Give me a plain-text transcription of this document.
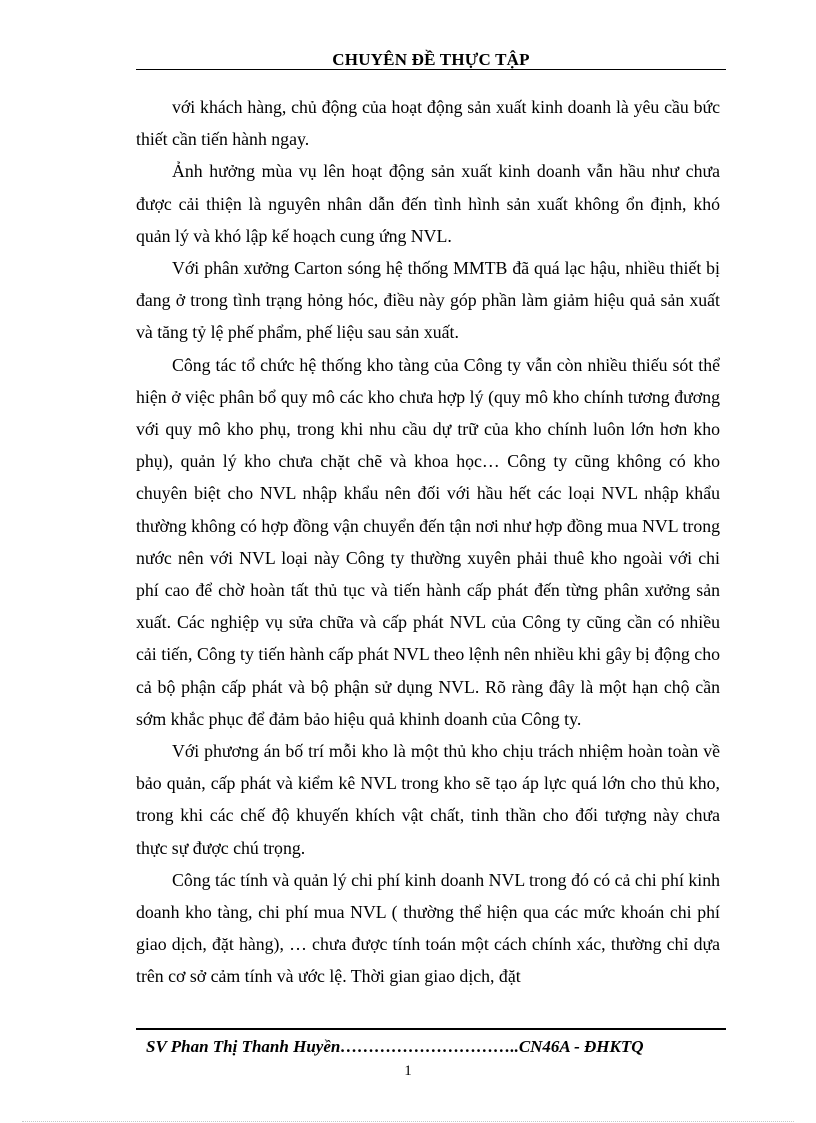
CHUYÊN ĐỀ THỰC TẬP

với khách hàng, chủ động của hoạt động sản xuất kinh doanh là yêu cầu bức thiết cần tiến hành ngay.

Ảnh hưởng mùa vụ lên hoạt động sản xuất kinh doanh vẫn hầu như chưa được cải thiện là nguyên nhân dẫn đến tình hình sản xuất không ổn định, khó quản lý và khó lập kế hoạch cung ứng NVL.

Với phân xưởng Carton sóng hệ thống MMTB đã quá lạc hậu, nhiều thiết bị đang ở trong tình trạng hỏng hóc, điều này góp phần làm giảm hiệu quả sản xuất và tăng tỷ lệ phế phẩm, phế liệu sau sản xuất.

Công tác tổ chức hệ thống kho tàng của Công ty vẫn còn nhiều thiếu sót thể hiện ở việc phân bổ quy mô các kho chưa hợp lý (quy mô kho chính tương đương với quy mô kho phụ, trong khi nhu cầu dự trữ của kho chính luôn lớn hơn kho phụ), quản lý kho chưa chặt chẽ và khoa học… Công ty cũng không có kho chuyên biệt cho NVL nhập khẩu nên đối với hầu hết các loại NVL nhập khẩu thường không có hợp đồng vận chuyển đến tận nơi như hợp đồng mua NVL trong nước nên với NVL loại này Công ty thường xuyên phải thuê kho ngoài với chi phí cao để chờ hoàn tất thủ tục và tiến hành cấp phát đến từng phân xưởng sản xuất. Các nghiệp vụ sửa chữa và cấp phát NVL của Công ty cũng cần có nhiều cải tiến, Công ty tiến hành cấp phát NVL theo lệnh nên nhiều khi gây bị động cho cả bộ phận cấp phát và bộ phận sử dụng NVL. Rõ ràng đây là một hạn chộ cần sớm khắc phục để đảm bảo hiệu quả khinh doanh của Công ty.

Với phương án bố trí mỗi kho là một thủ kho chịu trách nhiệm hoàn toàn về bảo quản, cấp phát và kiểm kê NVL trong kho sẽ tạo áp lực quá lớn cho thủ kho, trong khi các chế độ khuyến khích vật chất, tinh thần cho đối tượng này chưa thực sự được chú trọng.

Công tác tính và quản lý chi phí kinh doanh NVL trong đó có cả chi phí kinh doanh kho tàng, chi phí mua NVL ( thường thể hiện qua các mức khoán chi phí giao dịch, đặt hàng), … chưa được tính toán một cách chính xác, thường chỉ dựa trên cơ sở cảm tính và ước lệ. Thời gian giao dịch, đặt

SV Phan Thị Thanh Huyền…………………………..CN46A - ĐHKTQ
1
